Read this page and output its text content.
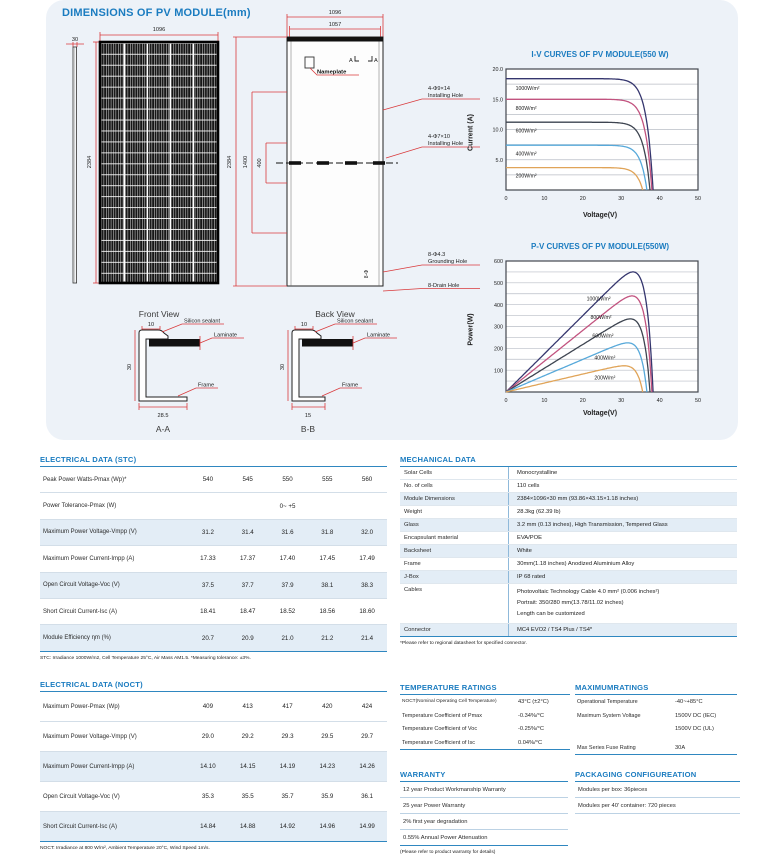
DIMENSIONS OF PV MODULE(mm)
30
1096
2384
Front View
1096
1057
2384 1400 400
Nameplate
A	A
4-Φ9×14
Installing Hole
4-Φ7×10
Installing Hole
8-Φ4.3
Grounding Hole
8-Drain Hole
8-Φ
Back View
10
30
28.5
Silicon sealant
Laminate
Frame
A-A
10
30
15
Silicon sealant
Laminate
Frame
B-B
I-V CURVES OF PV MODULE(550 W)
0	10	20	30	40	50
5.0
10.0
15.0
20.0
1000W/m²
800W/m²
600W/m²
400W/m²
200W/m²
Voltage(V)
Current (A)
P-V CURVES OF PV MODULE(550W)
0	10	20	30	40	50
100
200
300
400
500
600
1000W/m²
800W/m²
600W/m²
400W/m²
200W/m²
Voltage(V)
Power(W)
ELECTRICAL DATA (STC)
Peak Power Watts-Pmax (Wp)*	540	545	550	555	560
Power Tolerance-Pmax (W)	0~ +5
Maximum Power Voltage-Vmpp (V)	31.2	31.4	31.6	31.8	32.0
Maximum Power Current-Impp (A)	17.33	17.37	17.40	17.45	17.49
Open Circuit Voltage-Voc (V)	37.5	37.7	37.9	38.1	38.3
Short Circuit Current-Isc (A)	18.41	18.47	18.52	18.56	18.60
Module Efficiency ηm (%)	20.7	20.9	21.0	21.2	21.4
STC: Irradiance 1000W/m2, Cell Temperature 25°C, Air Mass AM1.5. *Measuring tolerance: ±3%.
ELECTRICAL DATA (NOCT)
Maximum Power-Pmax (Wp)	409	413	417	420	424
Maximum Power Voltage-Vmpp (V)	29.0	29.2	29.3	29.5	29.7
Maximum Power Current-Impp (A)	14.10	14.15	14.19	14.23	14.26
Open Circuit Voltage-Voc (V)	35.3	35.5	35.7	35.9	36.1
Short Circuit Current-Isc (A)	14.84	14.88	14.92	14.96	14.99
NOCT: Irradiance at 800 W/m², Ambient Temperature 20°C, Wind Speed 1m/s.
MECHANICAL DATA
Solar Cells	Monocrystalline
No. of cells	110 cells
Module Dimensions	2384×1096×30 mm (93.86×43.15×1.18 inches)
Weight	28.3kg (62.39 lb)
Glass	3.2 mm (0.13 inches), High Transmission, Tempered Glass
Encapsulant material	EVA/POE
Backsheet	White
Frame	30mm(1.18 inches) Anodized Aluminium Alloy
J-Box	IP 68 rated
Cables	Photovoltaic Technology Cable 4.0 mm² (0.006 inches²)
Portrait: 350/280 mm(13.78/11.02 inches)
Length can be customized
Connector	MC4 EVO2 / TS4 Plus / TS4*
*Please refer to regional datasheet for specified connector.
TEMPERATURE RATINGS
NOCT(Nominal Operating Cell Temperature)	43°C (±2°C)
Temperature Coefficient of Pmax	-0.34%/°C
Temperature Coefficient of Voc	-0.25%/°C
Temperature Coefficient of Isc	0.04%/°C
MAXIMUMRATINGS
Operational Temperature	-40~+85°C
Maximum System Voltage	1500V DC (IEC)
1500V DC (UL)
Max Series Fuse Rating	30A
WARRANTY
12 year Product Workmanship Warranty
25 year Power Warranty
2% first year degradation
0.55% Annual Power Attenuation
(Please refer to product warranty for details)
PACKAGING CONFIGUREATION
Modules per box: 36pieces
Modules per 40' container: 720 pieces
